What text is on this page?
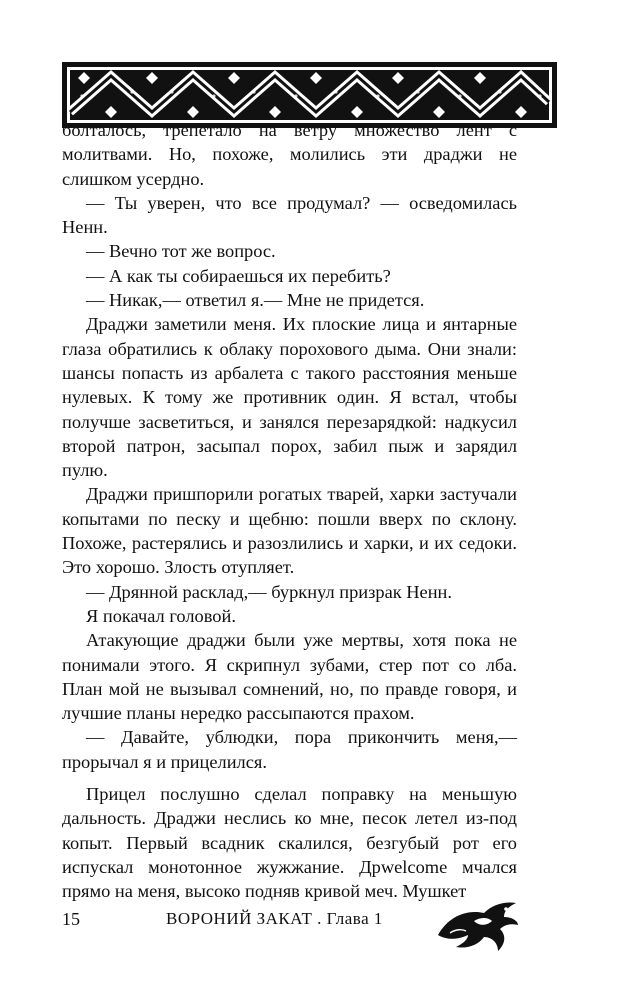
болталось, трепетало на ветру множество лент с молитвами. Но, похоже, молились эти драджи не слишком усердно.

— Ты уверен, что все продумал? — осведомилась Ненн.

— Вечно тот же вопрос.

— А как ты собираешься их перебить?

— Никак,— ответил я.— Мне не придется.

Драджи заметили меня. Их плоские лица и янтарные глаза обратились к облаку порохового дыма. Они знали: шансы попасть из арбалета с такого расстояния меньше нулевых. К тому же противник один. Я встал, чтобы получше засветиться, и занялся перезарядкой: надкусил второй патрон, засыпал порох, забил пыж и зарядил пулю.

Драджи пришпорили рогатых тварей, харки застучали копытами по песку и щебню: пошли вверх по склону. Похоже, растерялись и разозлились и харки, и их седоки. Это хорошо. Злость отупляет.

— Дрянной расклад,— буркнул призрак Ненн.

Я покачал головой.

Атакующие драджи были уже мертвы, хотя пока не понимали этого. Я скрипнул зубами, стер пот со лба. План мой не вызывал сомнений, но, по правде говоря, и лучшие планы нередко рассыпаются прахом.

— Давайте, ублюдки, пора прикончить меня,— прорычал я и прицелился.

Прицел послушно сделал поправку на меньшую дальность. Драджи неслись ко мне, песок летел из-под копыт. Первый всадник скалился, безгубый рот его испускал монотонное жужжание. Дрwelcome мчался прямо на меня, высоко подняв кривой меч. Мушкет

15	ВОРОНИЙ ЗАКАТ . Глава 1
